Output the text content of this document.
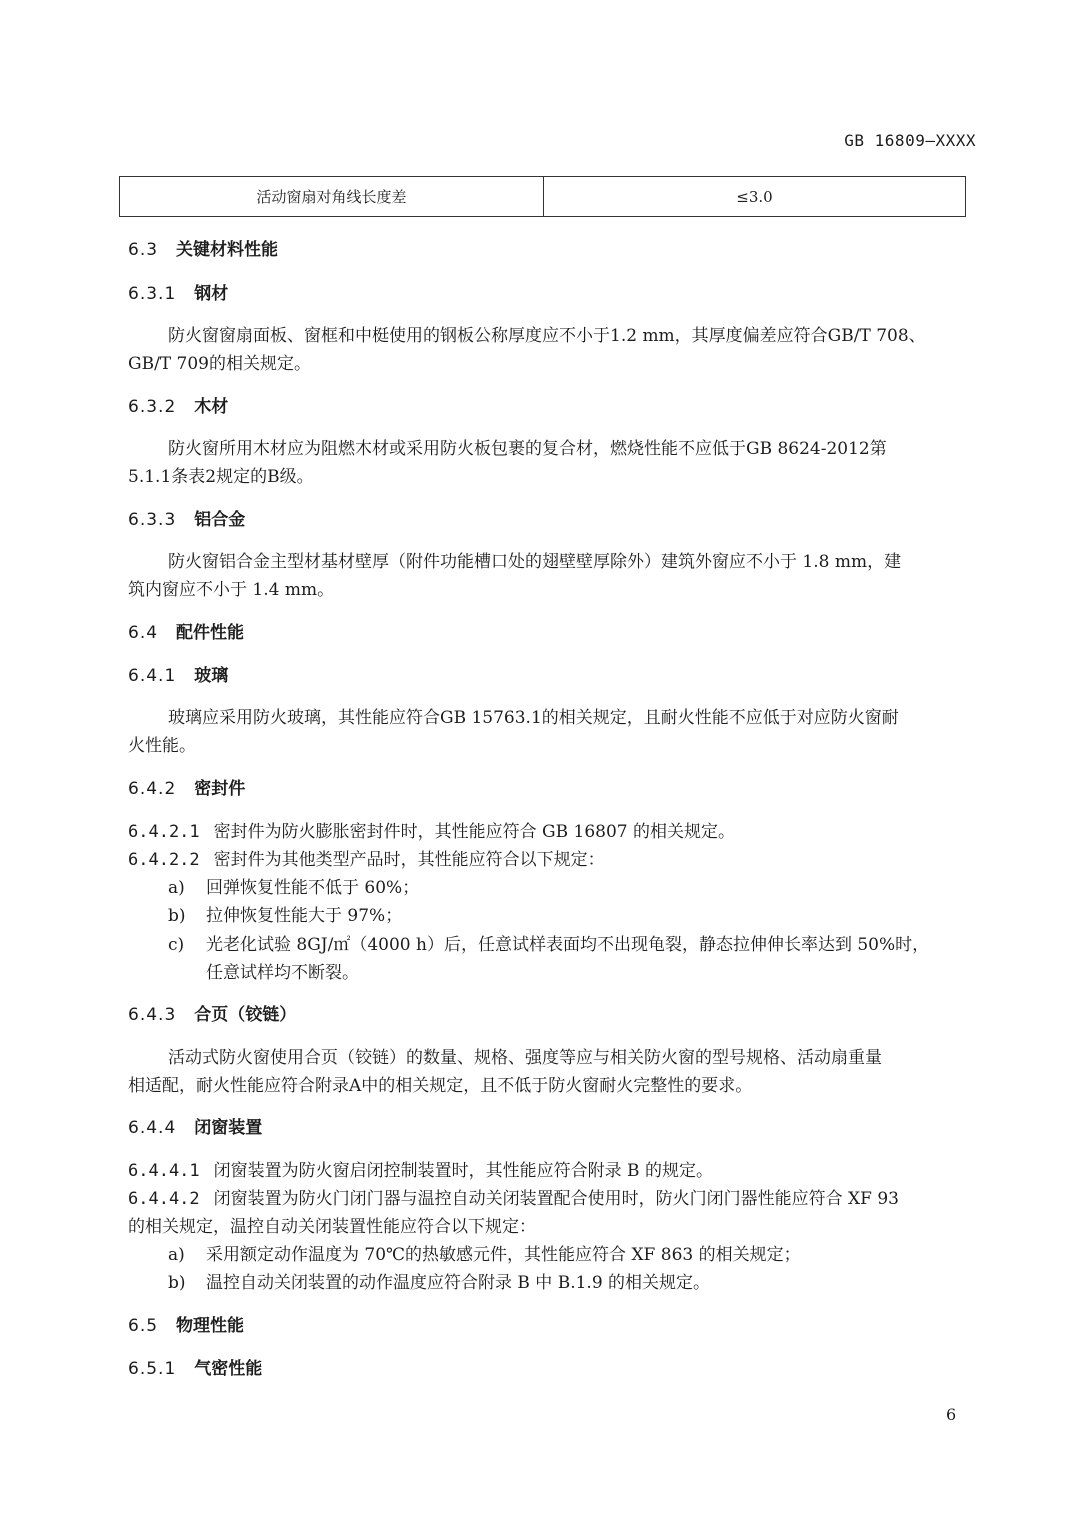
GB 16809—XXXX
活动窗扇对角线长度差	≤3.0
6.3 关键材料性能
6.3.1 钢材
防火窗窗扇面板、窗框和中梃使用的钢板公称厚度应不小于1.2 mm，其厚度偏差应符合GB/T 708、
GB/T 709的相关规定。
6.3.2 木材
防火窗所用木材应为阻燃木材或采用防火板包裹的复合材，燃烧性能不应低于GB 8624-2012第
5.1.1条表2规定的B级。
6.3.3 铝合金
防火窗铝合金主型材基材壁厚（附件功能槽口处的翅壁壁厚除外）建筑外窗应不小于 1.8 mm，建
筑内窗应不小于 1.4 mm。
6.4 配件性能
6.4.1 玻璃
玻璃应采用防火玻璃，其性能应符合GB 15763.1的相关规定，且耐火性能不应低于对应防火窗耐
火性能。
6.4.2 密封件
6.4.2.1 密封件为防火膨胀密封件时，其性能应符合 GB 16807 的相关规定。
6.4.2.2 密封件为其他类型产品时，其性能应符合以下规定：
a) 回弹恢复性能不低于 60%；
b) 拉伸恢复性能大于 97%；
c) 光老化试验 8GJ/㎡（4000 h）后，任意试样表面均不出现龟裂，静态拉伸伸长率达到 50%时，
任意试样均不断裂。
6.4.3 合页（铰链）
活动式防火窗使用合页（铰链）的数量、规格、强度等应与相关防火窗的型号规格、活动扇重量
相适配，耐火性能应符合附录A中的相关规定，且不低于防火窗耐火完整性的要求。
6.4.4 闭窗装置
6.4.4.1 闭窗装置为防火窗启闭控制装置时，其性能应符合附录 B 的规定。
6.4.4.2 闭窗装置为防火门闭门器与温控自动关闭装置配合使用时，防火门闭门器性能应符合 XF 93
的相关规定，温控自动关闭装置性能应符合以下规定：
a) 采用额定动作温度为 70℃的热敏感元件，其性能应符合 XF 863 的相关规定；
b) 温控自动关闭装置的动作温度应符合附录 B 中 B.1.9 的相关规定。
6.5 物理性能
6.5.1 气密性能
6
